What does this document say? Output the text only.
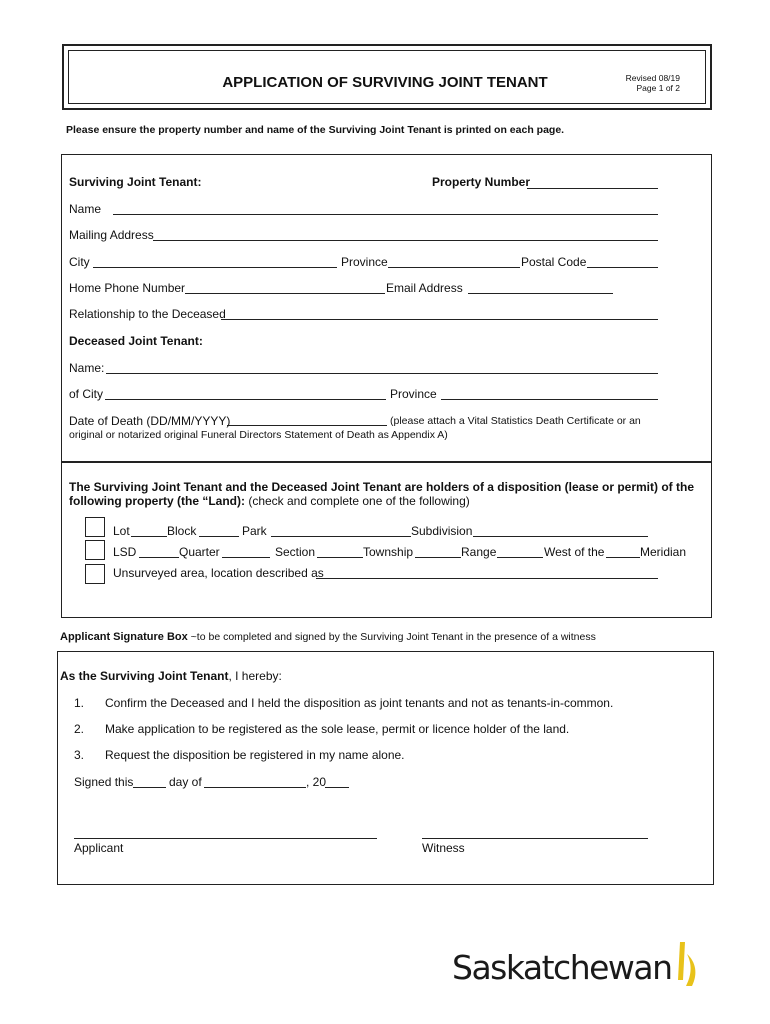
APPLICATION OF SURVIVING JOINT TENANT	Revised 08/19
Page 1 of 2
Please ensure the property number and name of the Surviving Joint Tenant is printed on each page.
Surviving Joint Tenant:	Property Number
Name
Mailing Address
City	Province	Postal Code
Home Phone Number	Email Address
Relationship to the Deceased
Deceased Joint Tenant:
Name:
of City	Province
Date of Death (DD/MM/YYYY)	(please attach a Vital Statistics Death Certificate or an
original or notarized original Funeral Directors Statement of Death as Appendix A)
The Surviving Joint Tenant and the Deceased Joint Tenant are holders of a disposition (lease or permit) of the
following property (the “Land): (check and complete one of the following)
Lot	Block	Park	Subdivision
LSD	Quarter	Section	Township	Range	West of the	Meridian
Unsurveyed area, location described as
Applicant Signature Box ~to be completed and signed by the Surviving Joint Tenant in the presence of a witness
As the Surviving Joint Tenant, I hereby:
1. Confirm the Deceased and I held the disposition as joint tenants and not as tenants-in-common.
2. Make application to be registered as the sole lease, permit or licence holder of the land.
3. Request the disposition be registered in my name alone.
Signed this	day of	, 20
Applicant	Witness
Saskatchewan
